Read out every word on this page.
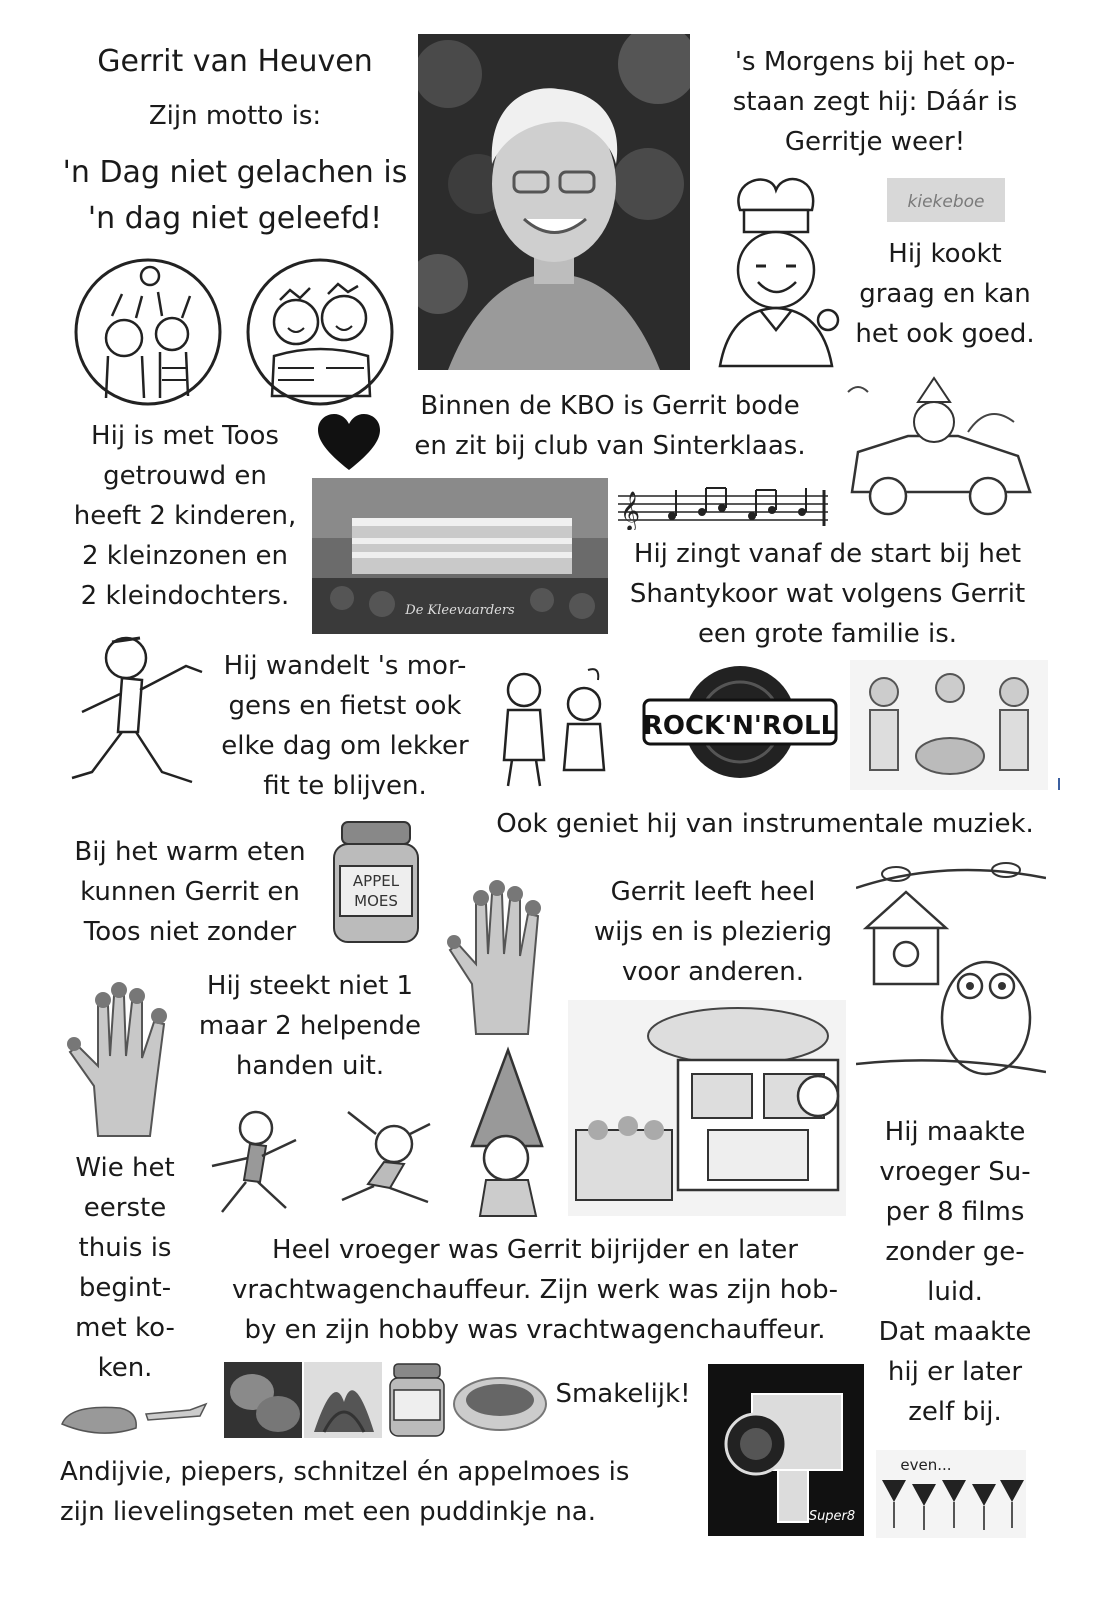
Gerrit van Heuven
Zijn motto is:
'n Dag niet gelachen is
'n dag niet geleefd!
's Morgens bij het op-
staan zegt hij: Dáár is
Gerritje weer!
Hij kookt
graag en kan
het ook goed.
Binnen de KBO is Gerrit bode
en zit bij club van Sinterklaas.
Hij is met Toos
getrouwd en
heeft 2 kinderen,
2 kleinzonen en
2 kleindochters.
Hij zingt vanaf de start bij het
Shantykoor wat volgens Gerrit
een grote familie is.
Hij wandelt 's mor-
gens en fietst ook
elke dag om lekker
fit te blijven.
Ook geniet hij van instrumentale muziek.
Bij het warm eten
kunnen Gerrit en
Toos niet zonder
Gerrit leeft heel
wijs en is plezierig
voor anderen.
Hij steekt niet 1
maar 2 helpende
handen uit.
Hij maakte
vroeger Su-
per 8 films
zonder ge-
luid.
Dat maakte
hij er later
zelf bij.
Wie het
eerste
thuis is
begint-
met ko-
ken.
Heel vroeger was Gerrit bijrijder en later
vrachtwagenchauffeur. Zijn werk was zijn hob-
by en zijn hobby was vrachtwagenchauffeur.
Smakelijk!
Andijvie, piepers, schnitzel én appelmoes is
zijn lievelingseten met een puddinkje na.
kiekeboe
De Kleevaarders
𝄞
ROCK'N'ROLL
APPEL
MOES
Super8
even...
